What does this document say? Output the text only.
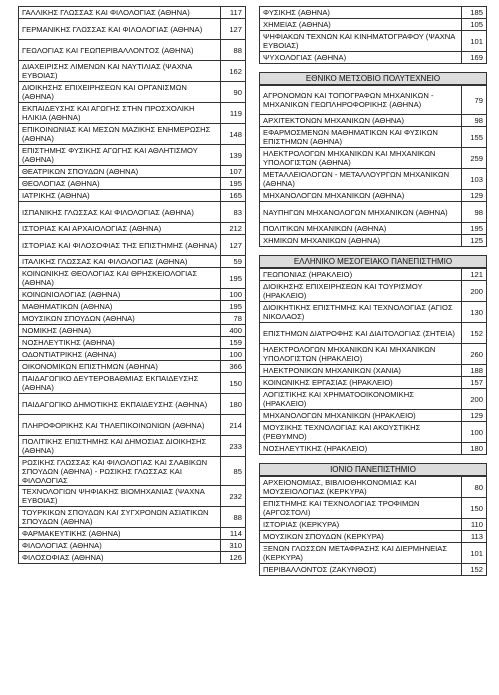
ΓΑΛΛΙΚΗΣ ΓΛΩΣΣΑΣ ΚΑΙ ΦΙΛΟΛΟΓΙΑΣ (ΑΘΗΝΑ)	117
ΓΕΡΜΑΝΙΚΗΣ ΓΛΩΣΣΑΣ ΚΑΙ ΦΙΛΟΛΟΓΙΑΣ (ΑΘΗΝΑ)	127
ΓΕΩΛΟΓΙΑΣ ΚΑΙ ΓΕΩΠΕΡΙΒΑΛΛΟΝΤΟΣ (ΑΘΗΝΑ)	88
ΔΙΑΧΕΙΡΙΣΗΣ ΛΙΜΕΝΩΝ ΚΑΙ ΝΑΥΤΙΛΙΑΣ (ΨΑΧΝΑ ΕΥΒΟΙΑΣ)	162
ΔΙΟΙΚΗΣΗΣ ΕΠΙΧΕΙΡΗΣΕΩΝ ΚΑΙ ΟΡΓΑΝΙΣΜΩΝ (ΑΘΗΝΑ)	90
ΕΚΠΑΙΔΕΥΣΗΣ ΚΑΙ ΑΓΩΓΗΣ ΣΤΗΝ ΠΡΟΣΧΟΛΙΚΗ ΗΛΙΚΙΑ (ΑΘΗΝΑ)	119
ΕΠΙΚΟΙΝΩΝΙΑΣ ΚΑΙ ΜΕΣΩΝ ΜΑΖΙΚΗΣ ΕΝΗΜΕΡΩΣΗΣ (ΑΘΗΝΑ)	148
ΕΠΙΣΤΗΜΗΣ ΦΥΣΙΚΗΣ ΑΓΩΓΗΣ ΚΑΙ ΑΘΛΗΤΙΣΜΟΥ (ΑΘΗΝΑ)	139
ΘΕΑΤΡΙΚΩΝ ΣΠΟΥΔΩΝ (ΑΘΗΝΑ)	107
ΘΕΟΛΟΓΙΑΣ (ΑΘΗΝΑ)	195
ΙΑΤΡΙΚΗΣ (ΑΘΗΝΑ)	165
ΙΣΠΑΝΙΚΗΣ ΓΛΩΣΣΑΣ ΚΑΙ ΦΙΛΟΛΟΓΙΑΣ (ΑΘΗΝΑ)	83
ΙΣΤΟΡΙΑΣ ΚΑΙ ΑΡΧΑΙΟΛΟΓΙΑΣ (ΑΘΗΝΑ)	212
ΙΣΤΟΡΙΑΣ ΚΑΙ ΦΙΛΟΣΟΦΙΑΣ ΤΗΣ ΕΠΙΣΤΗΜΗΣ (ΑΘΗΝΑ)	127
ΙΤΑΛΙΚΗΣ ΓΛΩΣΣΑΣ ΚΑΙ ΦΙΛΟΛΟΓΙΑΣ (ΑΘΗΝΑ)	59
ΚΟΙΝΩΝΙΚΗΣ ΘΕΟΛΟΓΙΑΣ ΚΑΙ ΘΡΗΣΚΕΙΟΛΟΓΙΑΣ (ΑΘΗΝΑ)	195
ΚΟΙΝΩΝΙΟΛΟΓΙΑΣ (ΑΘΗΝΑ)	100
ΜΑΘΗΜΑΤΙΚΩΝ (ΑΘΗΝΑ)	195
ΜΟΥΣΙΚΩΝ ΣΠΟΥΔΩΝ (ΑΘΗΝΑ)	78
ΝΟΜΙΚΗΣ (ΑΘΗΝΑ)	400
ΝΟΣΗΛΕΥΤΙΚΗΣ (ΑΘΗΝΑ)	159
ΟΔΟΝΤΙΑΤΡΙΚΗΣ (ΑΘΗΝΑ)	100
ΟΙΚΟΝΟΜΙΚΩΝ ΕΠΙΣΤΗΜΩΝ (ΑΘΗΝΑ)	366
ΠΑΙΔΑΓΩΓΙΚΟ ΔΕΥΤΕΡΟΒΑΘΜΙΑΣ ΕΚΠΑΙΔΕΥΣΗΣ (ΑΘΗΝΑ)	150
ΠΑΙΔΑΓΩΓΙΚΟ ΔΗΜΟΤΙΚΗΣ ΕΚΠΑΙΔΕΥΣΗΣ (ΑΘΗΝΑ)	180
ΠΛΗΡΟΦΟΡΙΚΗΣ ΚΑΙ ΤΗΛΕΠΙΚΟΙΝΩΝΙΩΝ (ΑΘΗΝΑ)	214
ΠΟΛΙΤΙΚΗΣ ΕΠΙΣΤΗΜΗΣ ΚΑΙ ΔΗΜΟΣΙΑΣ ΔΙΟΙΚΗΣΗΣ (ΑΘΗΝΑ)	233
ΡΩΣΙΚΗΣ ΓΛΩΣΣΑΣ ΚΑΙ ΦΙΛΟΛΟΓΙΑΣ ΚΑΙ ΣΛΑΒΙΚΩΝ ΣΠΟΥΔΩΝ (ΑΘΗΝΑ) - ΡΩΣΙΚΗΣ ΓΛΩΣΣΑΣ ΚΑΙ ΦΙΛΟΛΟΓΙΑΣ	85
ΤΕΧΝΟΛΟΓΙΩΝ ΨΗΦΙΑΚΗΣ ΒΙΟΜΗΧΑΝΙΑΣ (ΨΑΧΝΑ ΕΥΒΟΙΑΣ)	232
ΤΟΥΡΚΙΚΩΝ ΣΠΟΥΔΩΝ ΚΑΙ ΣΥΓΧΡΟΝΩΝ ΑΣΙΑΤΙΚΩΝ ΣΠΟΥΔΩΝ (ΑΘΗΝΑ)	88
ΦΑΡΜΑΚΕΥΤΙΚΗΣ (ΑΘΗΝΑ)	114
ΦΙΛΟΛΟΓΙΑΣ (ΑΘΗΝΑ)	310
ΦΙΛΟΣΟΦΙΑΣ (ΑΘΗΝΑ)	126
ΦΥΣΙΚΗΣ (ΑΘΗΝΑ)	185
ΧΗΜΕΙΑΣ (ΑΘΗΝΑ)	105
ΨΗΦΙΑΚΩΝ ΤΕΧΝΩΝ ΚΑΙ ΚΙΝΗΜΑΤΟΓΡΑΦΟΥ (ΨΑΧΝΑ ΕΥΒΟΙΑΣ)	101
ΨΥΧΟΛΟΓΙΑΣ (ΑΘΗΝΑ)	169
ΕΘΝΙΚΟ ΜΕΤΣΟΒΙΟ ΠΟΛΥΤΕΧΝΕΙΟ
ΑΓΡΟΝΟΜΩΝ ΚΑΙ ΤΟΠΟΓΡΑΦΩΝ ΜΗΧΑΝΙΚΩΝ - ΜΗΧΑΝΙΚΩΝ ΓΕΩΠΛΗΡΟΦΟΡΙΚΗΣ (ΑΘΗΝΑ)	79
ΑΡΧΙΤΕΚΤΟΝΩΝ ΜΗΧΑΝΙΚΩΝ (ΑΘΗΝΑ)	98
ΕΦΑΡΜΟΣΜΕΝΩΝ ΜΑΘΗΜΑΤΙΚΩΝ ΚΑΙ ΦΥΣΙΚΩΝ ΕΠΙΣΤΗΜΩΝ (ΑΘΗΝΑ)	155
ΗΛΕΚΤΡΟΛΟΓΩΝ ΜΗΧΑΝΙΚΩΝ ΚΑΙ ΜΗΧΑΝΙΚΩΝ ΥΠΟΛΟΓΙΣΤΩΝ (ΑΘΗΝΑ)	259
ΜΕΤΑΛΛΕΙΟΛΟΓΩΝ - ΜΕΤΑΛΛΟΥΡΓΩΝ ΜΗΧΑΝΙΚΩΝ (ΑΘΗΝΑ)	103
ΜΗΧΑΝΟΛΟΓΩΝ ΜΗΧΑΝΙΚΩΝ (ΑΘΗΝΑ)	129
ΝΑΥΠΗΓΩΝ ΜΗΧΑΝΟΛΟΓΩΝ ΜΗΧΑΝΙΚΩΝ (ΑΘΗΝΑ)	98
ΠΟΛΙΤΙΚΩΝ ΜΗΧΑΝΙΚΩΝ (ΑΘΗΝΑ)	195
ΧΗΜΙΚΩΝ ΜΗΧΑΝΙΚΩΝ (ΑΘΗΝΑ)	125
ΕΛΛΗΝΙΚΟ ΜΕΣΟΓΕΙΑΚΟ ΠΑΝΕΠΙΣΤΗΜΙΟ
ΓΕΩΠΟΝΙΑΣ (ΗΡΑΚΛΕΙΟ)	121
ΔΙΟΙΚΗΣΗΣ ΕΠΙΧΕΙΡΗΣΕΩΝ ΚΑΙ ΤΟΥΡΙΣΜΟΥ (ΗΡΑΚΛΕΙΟ)	200
ΔΙΟΙΚΗΤΙΚΗΣ ΕΠΙΣΤΗΜΗΣ ΚΑΙ ΤΕΧΝΟΛΟΓΙΑΣ (ΑΓΙΟΣ ΝΙΚΟΛΑΟΣ)	130
ΕΠΙΣΤΗΜΩΝ ΔΙΑΤΡΟΦΗΣ ΚΑΙ ΔΙΑΙΤΟΛΟΓΙΑΣ (ΣΗΤΕΙΑ)	152
ΗΛΕΚΤΡΟΛΟΓΩΝ ΜΗΧΑΝΙΚΩΝ ΚΑΙ ΜΗΧΑΝΙΚΩΝ ΥΠΟΛΟΓΙΣΤΩΝ (ΗΡΑΚΛΕΙΟ)	260
ΗΛΕΚΤΡΟΝΙΚΩΝ ΜΗΧΑΝΙΚΩΝ (ΧΑΝΙΑ)	188
ΚΟΙΝΩΝΙΚΗΣ ΕΡΓΑΣΙΑΣ (ΗΡΑΚΛΕΙΟ)	157
ΛΟΓΙΣΤΙΚΗΣ ΚΑΙ ΧΡΗΜΑΤΟΟΙΚΟΝΟΜΙΚΗΣ (ΗΡΑΚΛΕΙΟ)	200
ΜΗΧΑΝΟΛΟΓΩΝ ΜΗΧΑΝΙΚΩΝ (ΗΡΑΚΛΕΙΟ)	129
ΜΟΥΣΙΚΗΣ ΤΕΧΝΟΛΟΓΙΑΣ ΚΑΙ ΑΚΟΥΣΤΙΚΗΣ (ΡΕΘΥΜΝΟ)	100
ΝΟΣΗΛΕΥΤΙΚΗΣ (ΗΡΑΚΛΕΙΟ)	180
ΙΟΝΙΟ ΠΑΝΕΠΙΣΤΗΜΙΟ
ΑΡΧΕΙΟΝΟΜΙΑΣ, ΒΙΒΛΙΟΘΗΚΟΝΟΜΙΑΣ ΚΑΙ ΜΟΥΣΕΙΟΛΟΓΙΑΣ (ΚΕΡΚΥΡΑ)	80
ΕΠΙΣΤΗΜΗΣ ΚΑΙ ΤΕΧΝΟΛΟΓΙΑΣ ΤΡΟΦΙΜΩΝ (ΑΡΓΟΣΤΟΛΙ)	150
ΙΣΤΟΡΙΑΣ (ΚΕΡΚΥΡΑ)	110
ΜΟΥΣΙΚΩΝ ΣΠΟΥΔΩΝ (ΚΕΡΚΥΡΑ)	113
ΞΕΝΩΝ ΓΛΩΣΣΩΝ ΜΕΤΑΦΡΑΣΗΣ ΚΑΙ ΔΙΕΡΜΗΝΕΙΑΣ (ΚΕΡΚΥΡΑ)	101
ΠΕΡΙΒΑΛΛΟΝΤΟΣ (ΖΑΚΥΝΘΟΣ)	152
